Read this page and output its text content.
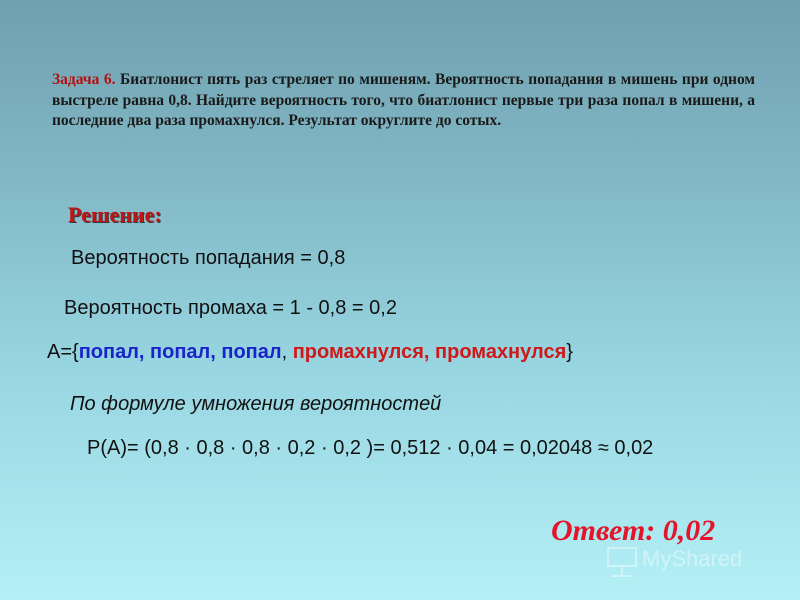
Задача 6. Биатлонист пять раз стреляет по мишеням. Вероятность попадания в мишень при одном выстреле равна 0,8. Найдите вероятность того, что биатлонист первые три раза попал в мишени, а последние два раза промахнулся. Результат округлите до сотых.
Решение:
Вероятность попадания = 0,8
Вероятность промаха = 1 - 0,8 = 0,2
A={попал, попал, попал, промахнулся, промахнулся}
По формуле умножения вероятностей
P(A)= (0,8 · 0,8 · 0,8 · 0,2 · 0,2 )= 0,512 · 0,04 = 0,02048 ≈ 0,02
Ответ: 0,02
MyShared
